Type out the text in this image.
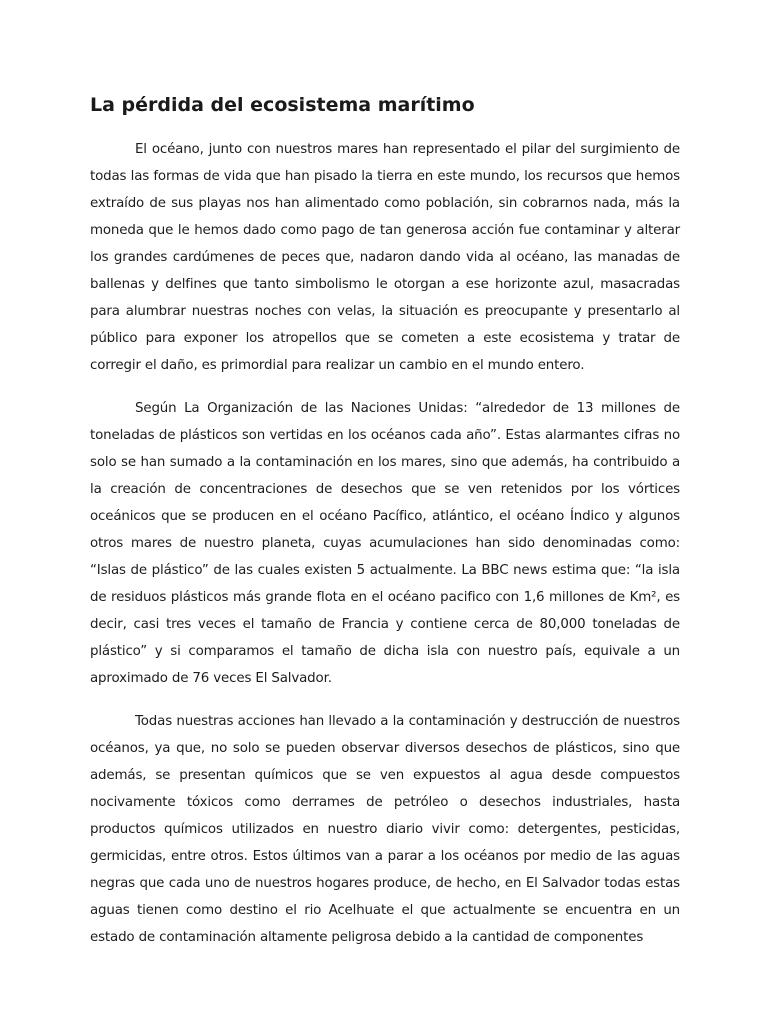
La pérdida del ecosistema marítimo

El océano, junto con nuestros mares han representado el pilar del surgimiento de todas las formas de vida que han pisado la tierra en este mundo, los recursos que hemos extraído de sus playas nos han alimentado como población, sin cobrarnos nada, más la moneda que le hemos dado como pago de tan generosa acción fue contaminar y alterar los grandes cardúmenes de peces que, nadaron dando vida al océano, las manadas de ballenas y delfines que tanto simbolismo le otorgan a ese horizonte azul, masacradas para alumbrar nuestras noches con velas, la situación es preocupante y presentarlo al público para exponer los atropellos que se cometen a este ecosistema y tratar de corregir el daño, es primordial para realizar un cambio en el mundo entero.

Según La Organización de las Naciones Unidas: “alrededor de 13 millones de toneladas de plásticos son vertidas en los océanos cada año”. Estas alarmantes cifras no solo se han sumado a la contaminación en los mares, sino que además, ha contribuido a la creación de concentraciones de desechos que se ven retenidos por los vórtices oceánicos que se producen en el océano Pacífico, atlántico, el océano Índico y algunos otros mares de nuestro planeta, cuyas acumulaciones han sido denominadas como: “Islas de plástico” de las cuales existen 5 actualmente. La BBC news estima que: “la isla de residuos plásticos más grande flota en el océano pacifico con 1,6 millones de Km², es decir, casi tres veces el tamaño de Francia y contiene cerca de 80,000 toneladas de plástico” y si comparamos el tamaño de dicha isla con nuestro país, equivale a un aproximado de 76 veces El Salvador.

Todas nuestras acciones han llevado a la contaminación y destrucción de nuestros océanos, ya que, no solo se pueden observar diversos desechos de plásticos, sino que además, se presentan químicos que se ven expuestos al agua desde compuestos nocivamente tóxicos como derrames de petróleo o desechos industriales, hasta productos químicos utilizados en nuestro diario vivir como: detergentes, pesticidas, germicidas, entre otros. Estos últimos van a parar a los océanos por medio de las aguas negras que cada uno de nuestros hogares produce, de hecho, en El Salvador todas estas aguas tienen como destino el rio Acelhuate el que actualmente se encuentra en un estado de contaminación altamente peligrosa debido a la cantidad de componentes
